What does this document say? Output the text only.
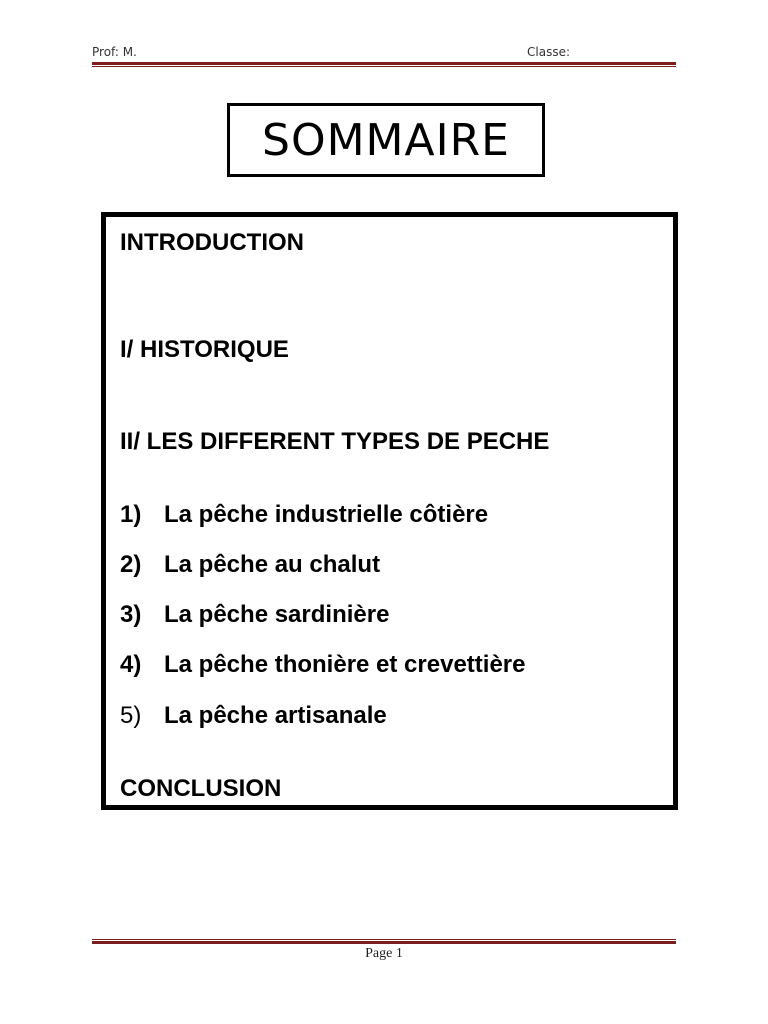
Prof: M.	Classe:
SOMMAIRE
INTRODUCTION
I/ HISTORIQUE
II/ LES DIFFERENT TYPES DE PECHE
1) La pêche industrielle côtière
2) La pêche au chalut
3) La pêche sardinière
4) La pêche thonière et crevettière
5) La pêche artisanale
CONCLUSION
Page 1
